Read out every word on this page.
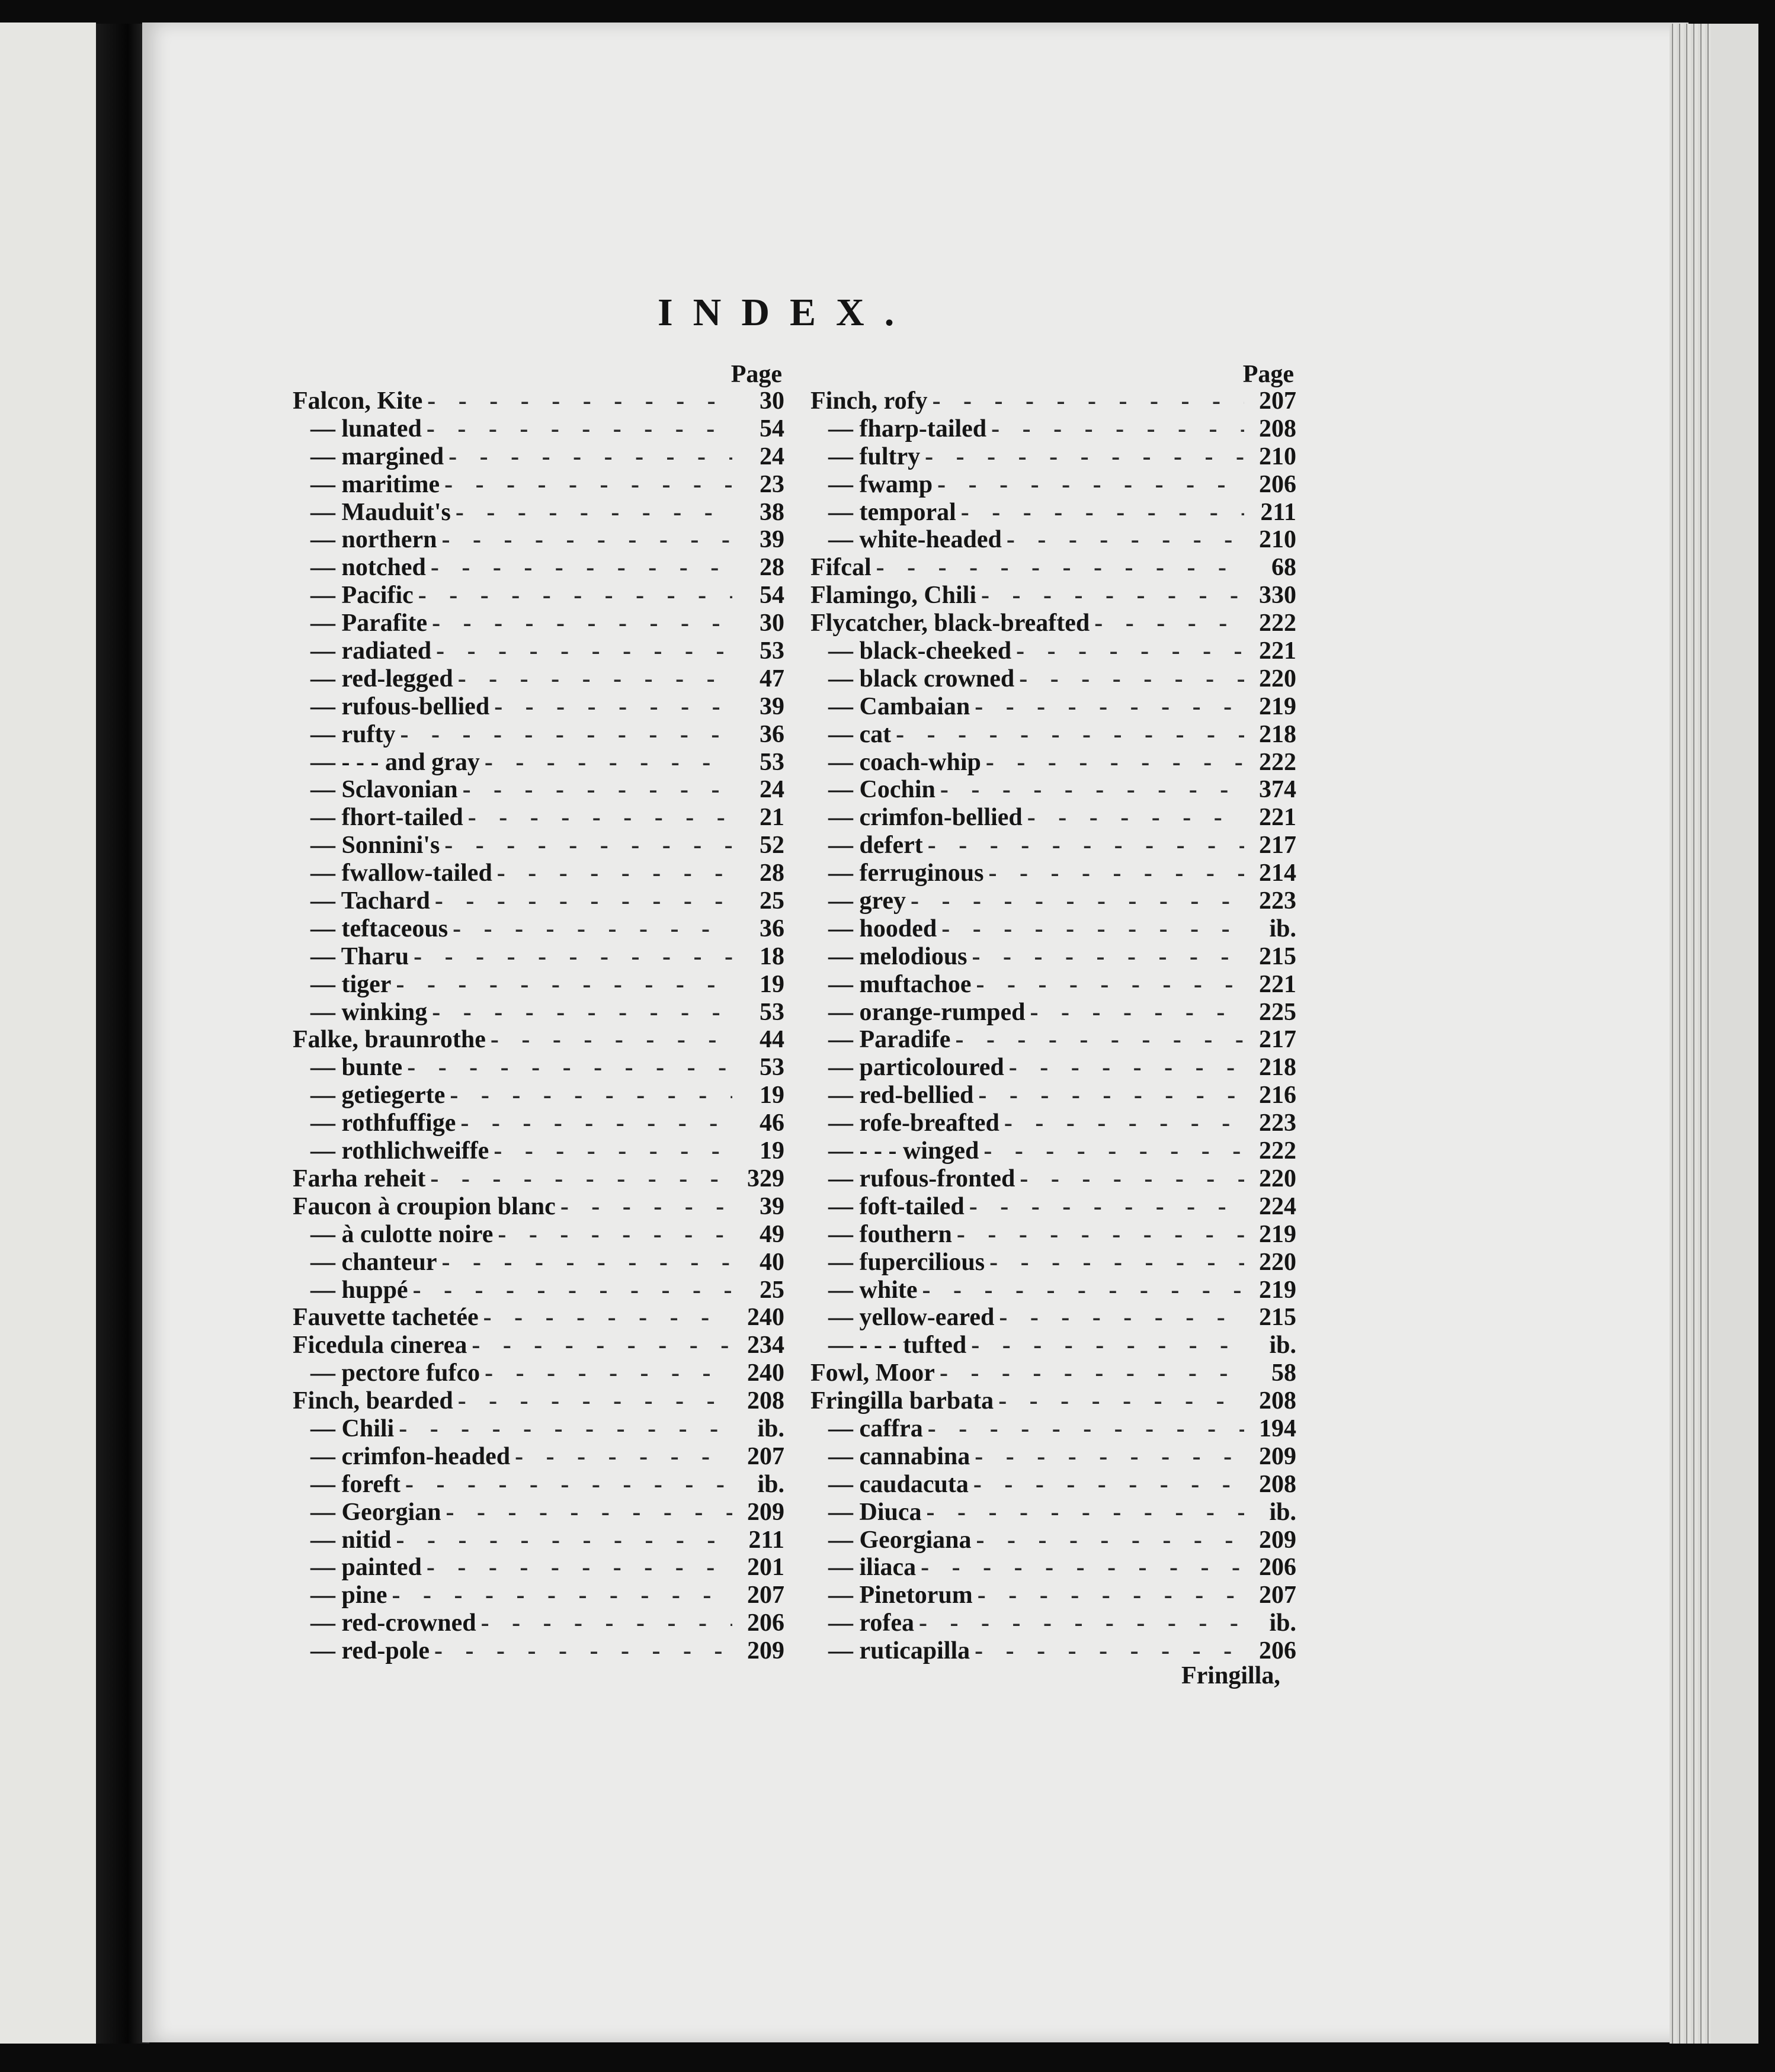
INDEX.
Page
Falcon, Kite - - -	30
— lunated - - -	54
— margined - - -	24
— maritime - - -	23
— Mauduit's - - -	38
— northern - - -	39
— notched - - -	28
— Pacific - - -	54
— Parafite - - -	30
— radiated - - -	53
— red-legged - - -	47
— rufous-bellied - - -	39
— rufty - - -	36
— - - - and gray - - -	53
— Sclavonian - - -	24
— fhort-tailed - - -	21
— Sonnini's - - -	52
— fwallow-tailed - - -	28
— Tachard - - -	25
— teftaceous - - -	36
— Tharu - - -	18
— tiger - - -	19
— winking - - -	53
Falke, braunrothe - - -	44
— bunte - - -	53
— getiegerte - - -	19
— rothfuffige - - -	46
— rothlichweiffe - - -	19
Farha reheit - - -	329
Faucon à croupion blanc - - -	39
— à culotte noire - - -	49
— chanteur - - -	40
— huppé - - -	25
Fauvette tachetée - - -	240
Ficedula cinerea - - -	234
— pectore fufco - - -	240
Finch, bearded - - -	208
— Chili - - -	ib.
— crimfon-headed - - -	207
— foreft - - -	ib.
— Georgian - - -	209
— nitid - - -	211
— painted - - -	201
— pine - - -	207
— red-crowned - - -	206
— red-pole - - -	209
Page
Finch, rofy - - -	207
— fharp-tailed - - -	208
— fultry - - -	210
— fwamp - - -	206
— temporal - - -	211
— white-headed - - -	210
Fifcal - - -	68
Flamingo, Chili - - -	330
Flycatcher, black-breafted - - -	222
— black-cheeked - - -	221
— black crowned - - -	220
— Cambaian - - -	219
— cat - - -	218
— coach-whip - - -	222
— Cochin - - -	374
— crimfon-bellied - - -	221
— defert - - -	217
— ferruginous - - -	214
— grey - - -	223
— hooded - - -	ib.
— melodious - - -	215
— muftachoe - - -	221
— orange-rumped - - -	225
— Paradife - - -	217
— particoloured - - -	218
— red-bellied - - -	216
— rofe-breafted - - -	223
— - - - winged - - -	222
— rufous-fronted - - -	220
— foft-tailed - - -	224
— fouthern - - -	219
— fupercilious - - -	220
— white - - -	219
— yellow-eared - - -	215
— - - - tufted - - -	ib.
Fowl, Moor - - -	58
Fringilla barbata - - -	208
— caffra - - -	194
— cannabina - - -	209
— caudacuta - - -	208
— Diuca - - -	ib.
— Georgiana - - -	209
— iliaca - - -	206
— Pinetorum - - -	207
— rofea - - -	ib.
— ruticapilla - - -	206
Fringilla,
